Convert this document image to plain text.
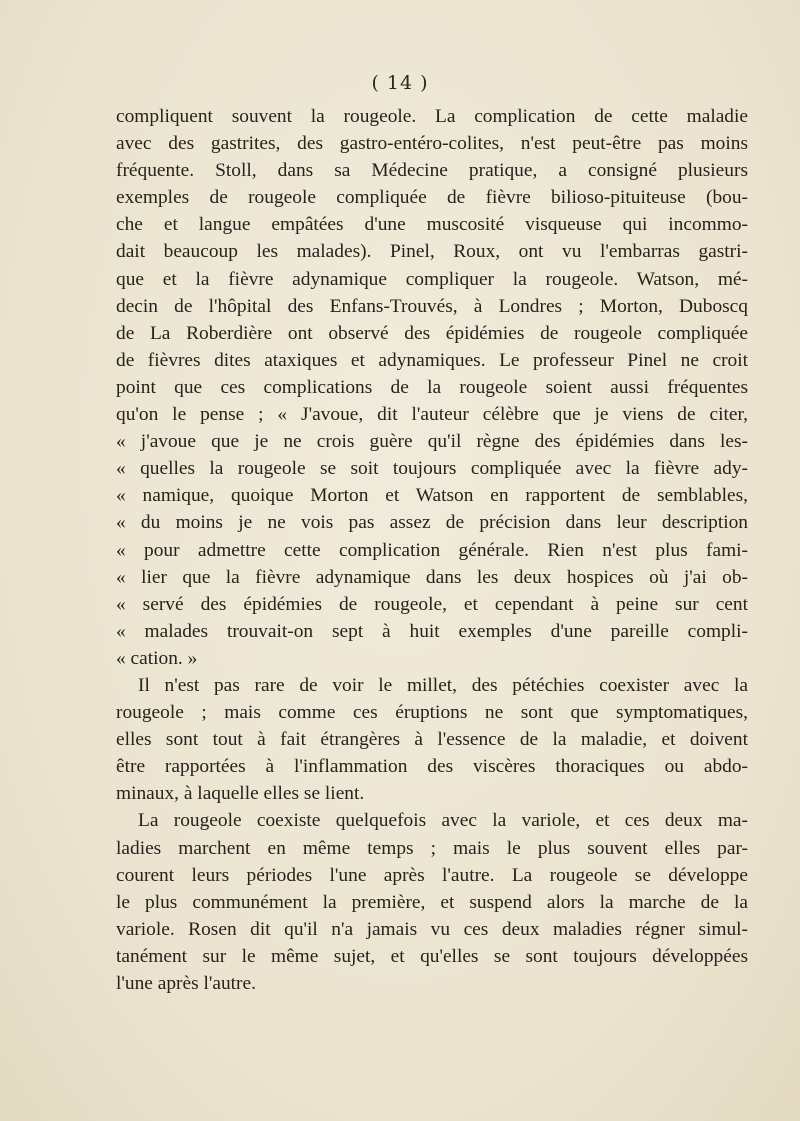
( 14 )
compliquent souvent la rougeole. La complication de cette maladie
avec des gastrites, des gastro-entéro-colites, n'est peut-être pas moins
fréquente. Stoll, dans sa Médecine pratique, a consigné plusieurs
exemples de rougeole compliquée de fièvre bilioso-pituiteuse (bou-
che et langue empâtées d'une muscosité visqueuse qui incommo-
dait beaucoup les malades). Pinel, Roux, ont vu l'embarras gastri-
que et la fièvre adynamique compliquer la rougeole. Watson, mé-
decin de l'hôpital des Enfans-Trouvés, à Londres ; Morton, Duboscq
de La Roberdière ont observé des épidémies de rougeole compliquée
de fièvres dites ataxiques et adynamiques. Le professeur Pinel ne croit
point que ces complications de la rougeole soient aussi fréquentes
qu'on le pense ; « J'avoue, dit l'auteur célèbre que je viens de citer,
« j'avoue que je ne crois guère qu'il règne des épidémies dans les-
« quelles la rougeole se soit toujours compliquée avec la fièvre ady-
« namique, quoique Morton et Watson en rapportent de semblables,
« du moins je ne vois pas assez de précision dans leur description
« pour admettre cette complication générale. Rien n'est plus fami-
« lier que la fièvre adynamique dans les deux hospices où j'ai ob-
« servé des épidémies de rougeole, et cependant à peine sur cent
« malades trouvait-on sept à huit exemples d'une pareille compli-
« cation. »
Il n'est pas rare de voir le millet, des pétéchies coexister avec la
rougeole ; mais comme ces éruptions ne sont que symptomatiques,
elles sont tout à fait étrangères à l'essence de la maladie, et doivent
être rapportées à l'inflammation des viscères thoraciques ou abdo-
minaux, à laquelle elles se lient.
La rougeole coexiste quelquefois avec la variole, et ces deux ma-
ladies marchent en même temps ; mais le plus souvent elles par-
courent leurs périodes l'une après l'autre. La rougeole se développe
le plus communément la première, et suspend alors la marche de la
variole. Rosen dit qu'il n'a jamais vu ces deux maladies régner simul-
tanément sur le même sujet, et qu'elles se sont toujours développées
l'une après l'autre.
